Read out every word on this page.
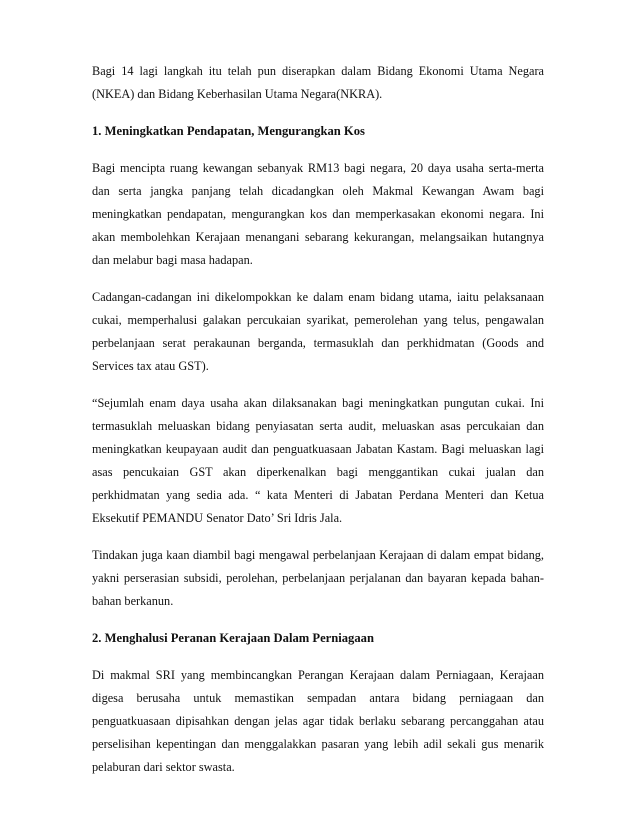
Bagi 14 lagi langkah itu telah pun diserapkan dalam Bidang Ekonomi Utama Negara (NKEA) dan Bidang Keberhasilan Utama Negara(NKRA).

1. Meningkatkan Pendapatan, Mengurangkan Kos

Bagi mencipta ruang kewangan sebanyak RM13 bagi negara, 20 daya usaha serta-merta dan serta jangka panjang telah dicadangkan oleh Makmal Kewangan Awam bagi meningkatkan pendapatan, mengurangkan kos dan memperkasakan ekonomi negara. Ini akan membolehkan Kerajaan menangani sebarang kekurangan, melangsaikan hutangnya dan melabur bagi masa hadapan.

Cadangan-cadangan ini dikelompokkan ke dalam enam bidang utama, iaitu pelaksanaan cukai, memperhalusi galakan percukaian syarikat, pemerolehan yang telus, pengawalan perbelanjaan serat perakaunan berganda, termasuklah dan perkhidmatan (Goods and Services tax atau GST).

“Sejumlah enam daya usaha akan dilaksanakan bagi meningkatkan pungutan cukai. Ini termasuklah meluaskan bidang penyiasatan serta audit, meluaskan asas percukaian dan meningkatkan keupayaan audit dan penguatkuasaan Jabatan Kastam. Bagi meluaskan lagi asas pencukaian GST akan diperkenalkan bagi menggantikan cukai jualan dan perkhidmatan yang sedia ada. “ kata Menteri di Jabatan Perdana Menteri dan Ketua Eksekutif PEMANDU Senator Dato’ Sri Idris Jala.

Tindakan juga kaan diambil bagi mengawal perbelanjaan Kerajaan di dalam empat bidang, yakni perserasian subsidi, perolehan, perbelanjaan perjalanan dan bayaran kepada bahan-bahan berkanun.

2. Menghalusi Peranan Kerajaan Dalam Perniagaan

Di makmal SRI yang membincangkan Perangan Kerajaan dalam Perniagaan, Kerajaan digesa berusaha untuk memastikan sempadan antara bidang perniagaan dan penguatkuasaan dipisahkan dengan jelas agar tidak berlaku sebarang percanggahan atau perselisihan kepentingan dan menggalakkan pasaran yang lebih adil sekali gus menarik pelaburan dari sektor swasta.
